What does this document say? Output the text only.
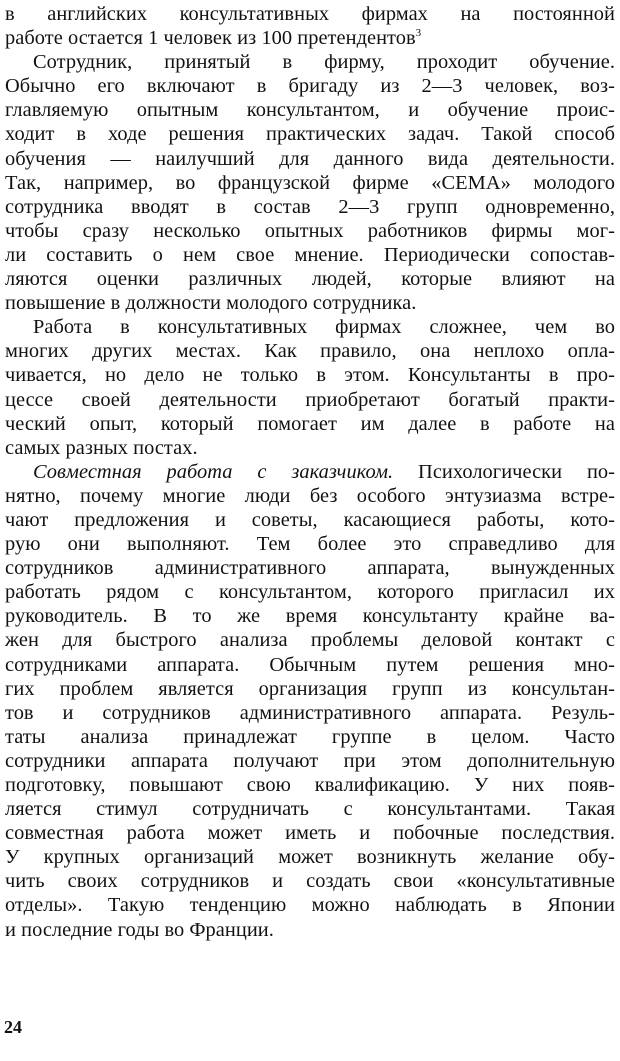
в английских консультативных фирмах на постоянной
работе остается 1 человек из 100 претендентов$^3$
Сотрудник, принятый в фирму, проходит обучение.
Обычно его включают в бригаду из 2—3 человек, воз-
главляемую опытным консультантом, и обучение проис-
ходит в ходе решения практических задач. Такой способ
обучения — наилучший для данного вида деятельности.
Так, например, во французской фирме «СЕМА» молодого
сотрудника вводят в состав 2—3 групп одновременно,
чтобы сразу несколько опытных работников фирмы мог-
ли составить о нем свое мнение. Периодически сопостав-
ляются оценки различных людей, которые влияют на
повышение в должности молодого сотрудника.
Работа в консультативных фирмах сложнее, чем во
многих других местах. Как правило, она неплохо опла-
чивается, но дело не только в этом. Консультанты в про-
цессе своей деятельности приобретают богатый практи-
ческий опыт, который помогает им далее в работе на
самых разных постах.
Совместная работа с заказчиком. Психологически по-
нятно, почему многие люди без особого энтузиазма встре-
чают предложения и советы, касающиеся работы, кото-
рую они выполняют. Тем более это справедливо для
сотрудников административного аппарата, вынужденных
работать рядом с консультантом, которого пригласил их
руководитель. В то же время консультанту крайне ва-
жен для быстрого анализа проблемы деловой контакт с
сотрудниками аппарата. Обычным путем решения мно-
гих проблем является организация групп из консультан-
тов и сотрудников административного аппарата. Резуль-
таты анализа принадлежат группе в целом. Часто
сотрудники аппарата получают при этом дополнительную
подготовку, повышают свою квалификацию. У них появ-
ляется стимул сотрудничать с консультантами. Такая
совместная работа может иметь и побочные последствия.
У крупных организаций может возникнуть желание обу-
чить своих сотрудников и создать свои «консультативные
отделы». Такую тенденцию можно наблюдать в Японии
и последние годы во Франции.
24
